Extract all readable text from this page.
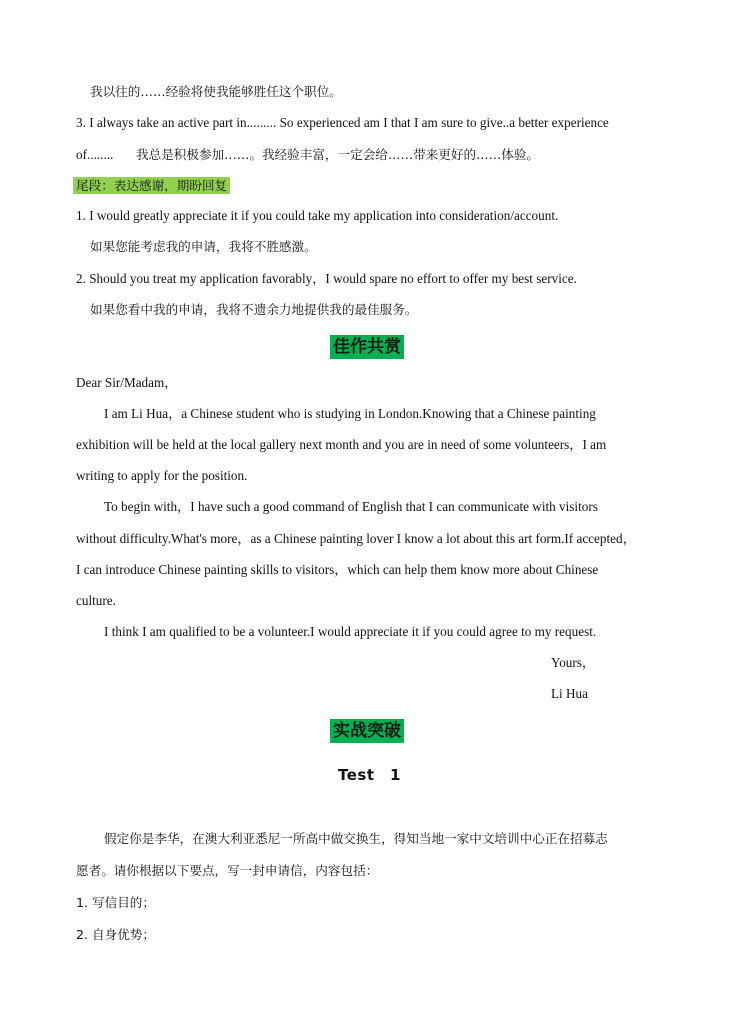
我以往的……经验将使我能够胜任这个职位。
3. I always take an active part in......... So experienced am I that I am sure to give..a better experience
of........ 我总是积极参加……。我经验丰富，一定会给……带来更好的……体验。
尾段：表达感谢，期盼回复
1. I would greatly appreciate it if you could take my application into consideration/account.
如果您能考虑我的申请，我将不胜感激。
2. Should you treat my application favorably，I would spare no effort to offer my best service.
如果您看中我的申请，我将不遗余力地提供我的最佳服务。
佳作共赏
Dear Sir/Madam，
I am Li Hua，a Chinese student who is studying in London.Knowing that a Chinese painting
exhibition will be held at the local gallery next month and you are in need of some volunteers，I am
writing to apply for the position.
To begin with，I have such a good command of English that I can communicate with visitors
without difficulty.What's more，as a Chinese painting lover I know a lot about this art form.If accepted，
I can introduce Chinese painting skills to visitors，which can help them know more about Chinese
culture.
I think I am qualified to be a volunteer.I would appreciate it if you could agree to my request.
Yours，
Li Hua
实战突破
Test　1
假定你是李华，在澳大利亚悉尼一所高中做交换生，得知当地一家中文培训中心正在招募志
愿者。请你根据以下要点，写一封申请信，内容包括：
1. 写信目的；
2. 自身优势；
